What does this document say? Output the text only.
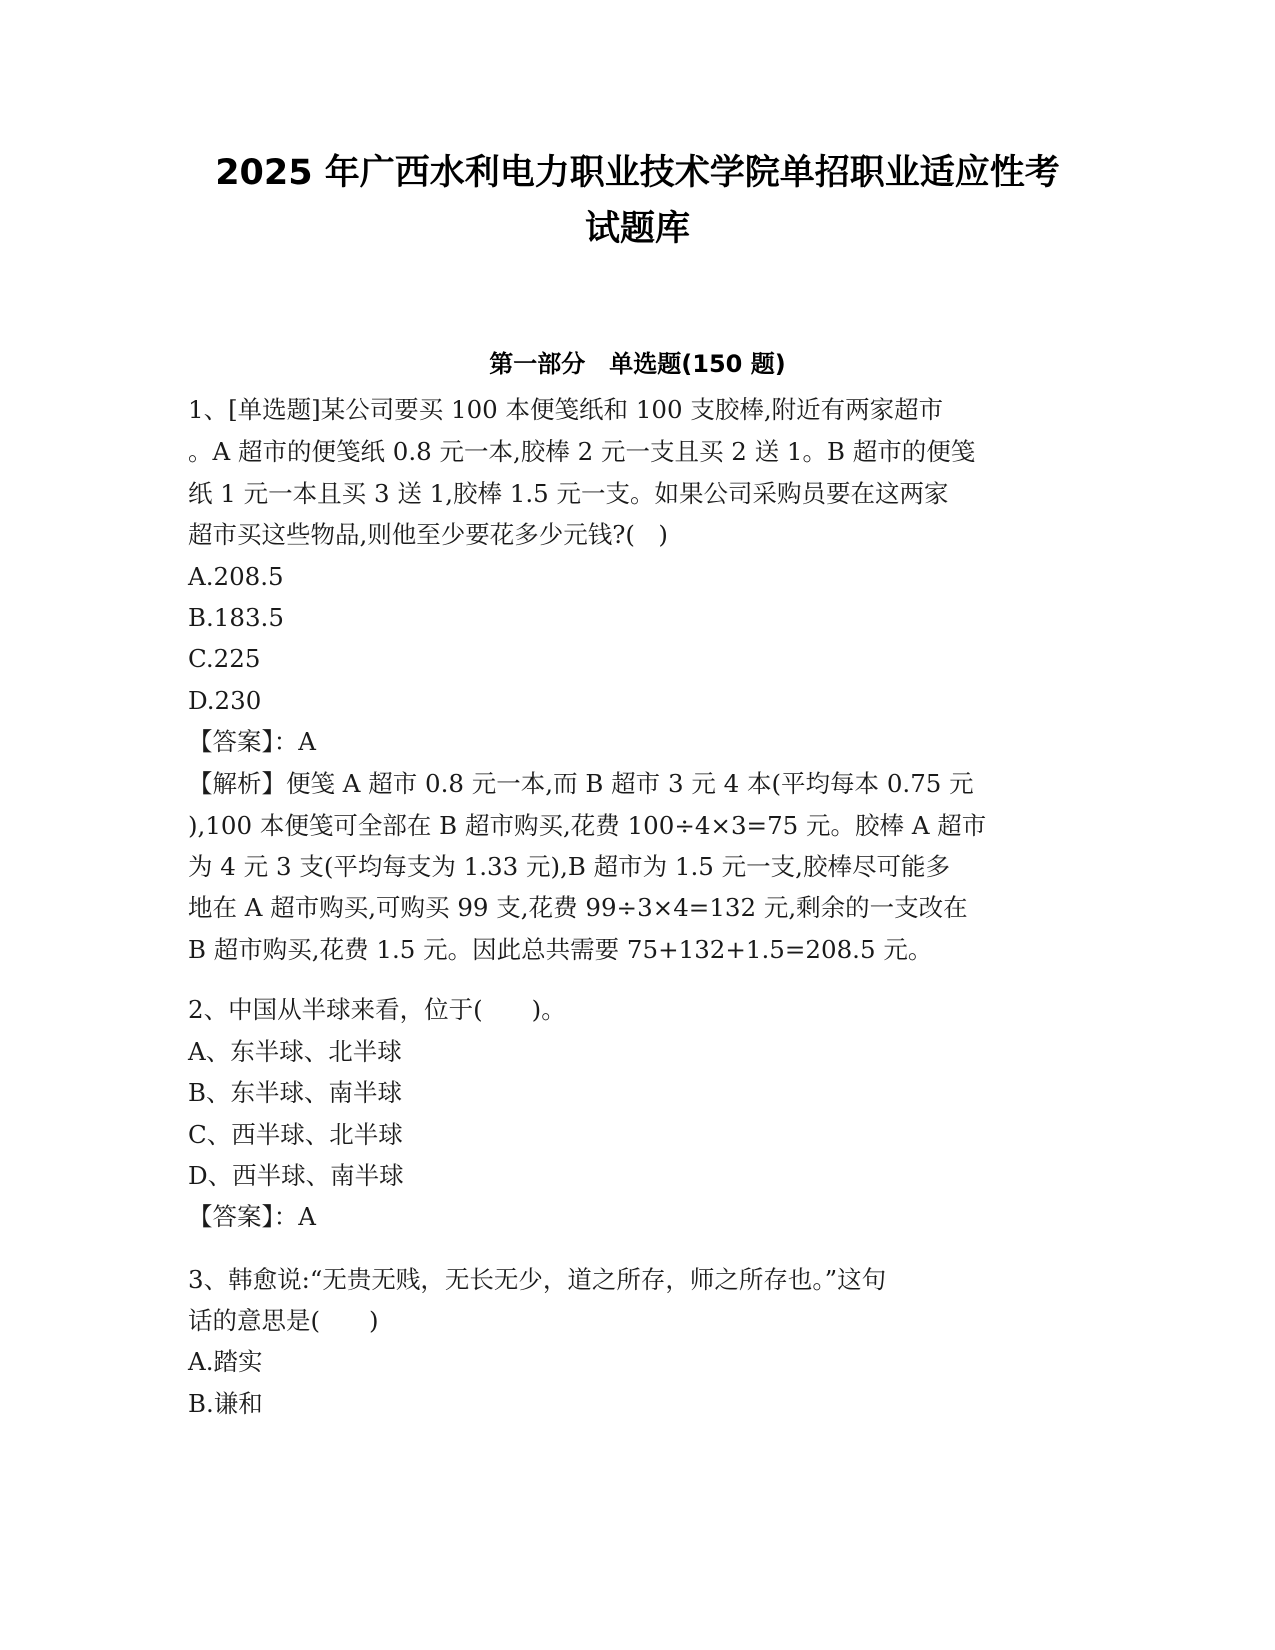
2025 年广西水利电力职业技术学院单招职业适应性考
试题库
第一部分　单选题(150 题)
1、[单选题]某公司要买 100 本便笺纸和 100 支胶棒,附近有两家超市
。A 超市的便笺纸 0.8 元一本,胶棒 2 元一支且买 2 送 1。B 超市的便笺
纸 1 元一本且买 3 送 1,胶棒 1.5 元一支。如果公司采购员要在这两家
超市买这些物品,则他至少要花多少元钱?(   )
A.208.5
B.183.5
C.225
D.230
【答案】：A
【解析】便笺 A 超市 0.8 元一本,而 B 超市 3 元 4 本(平均每本 0.75 元
),100 本便笺可全部在 B 超市购买,花费 100÷4×3=75 元。胶棒 A 超市
为 4 元 3 支(平均每支为 1.33 元),B 超市为 1.5 元一支,胶棒尽可能多
地在 A 超市购买,可购买 99 支,花费 99÷3×4=132 元,剩余的一支改在
B 超市购买,花费 1.5 元。因此总共需要 75+132+1.5=208.5 元。
2、中国从半球来看，位于(　　)。
A、东半球、北半球
B、东半球、南半球
C、西半球、北半球
D、西半球、南半球
【答案】：A
3、韩愈说:“无贵无贱，无长无少，道之所存，师之所存也。”这句
话的意思是(　　)
A.踏实
B.谦和
